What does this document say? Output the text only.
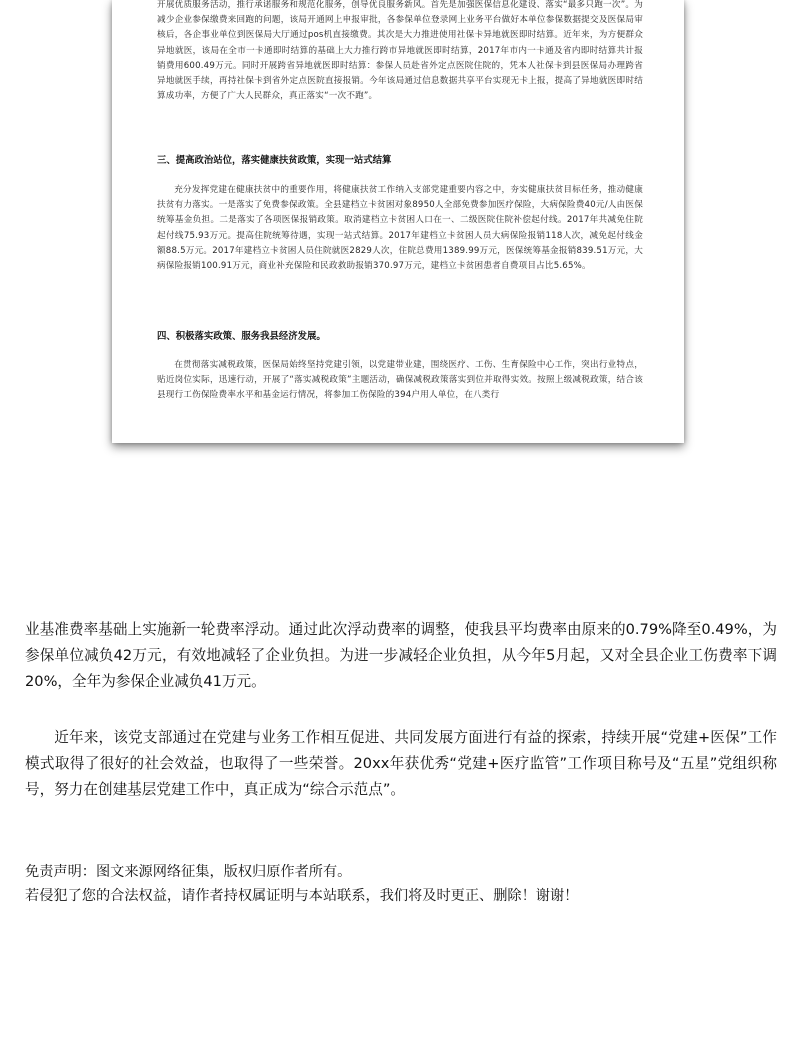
开展优质服务活动，推行承诺服务和规范化服务，创导优良服务新风。首先是加强医保信息化建设、落实“最多只跑一次”。为减少企业参保缴费来回跑的问题，该局开通网上申报审批，各参保单位登录网上业务平台做好本单位参保数据提交及医保局审核后，各企事业单位到医保局大厅通过pos机直接缴费。其次是大力推进使用社保卡异地就医即时结算。近年来，为方便群众异地就医，该局在全市一卡通即时结算的基础上大力推行跨市异地就医即时结算，2017年市内一卡通及省内即时结算共计报销费用600.49万元。同时开展跨省异地就医即时结算：参保人员赴省外定点医院住院的，凭本人社保卡到县医保局办理跨省异地就医手续，再持社保卡到省外定点医院直接报销。今年该局通过信息数据共享平台实现无卡上报，提高了异地就医即时结算成功率，方便了广大人民群众，真正落实“一次不跑”。

三、提高政治站位，落实健康扶贫政策，实现一站式结算

充分发挥党建在健康扶贫中的重要作用，将健康扶贫工作纳入支部党建重要内容之中，夯实健康扶贫目标任务，推动健康扶贫有力落实。一是落实了免费参保政策。全县建档立卡贫困对象8950人全部免费参加医疗保险，大病保险费40元/人由医保统筹基金负担。二是落实了各项医保报销政策。取消建档立卡贫困人口在一、二级医院住院补偿起付线。2017年共减免住院起付线75.93万元。提高住院统筹待遇，实现一站式结算。2017年建档立卡贫困人员大病保险报销118人次，减免起付线金额88.5万元。2017年建档立卡贫困人员住院就医2829人次，住院总费用1389.99万元，医保统筹基金报销839.51万元，大病保险报销100.91万元，商业补充保险和民政救助报销370.97万元，建档立卡贫困患者自费项目占比5.65%。

四、积极落实政策、服务我县经济发展。

在贯彻落实减税政策，医保局始终坚持党建引领，以党建带业建，围绕医疗、工伤、生育保险中心工作，突出行业特点，贴近岗位实际，迅速行动，开展了“落实减税政策”主题活动，确保减税政策落实到位并取得实效。按照上级减税政策，结合该县现行工伤保险费率水平和基金运行情况，将参加工伤保险的394户用人单位，在八类行

业基准费率基础上实施新一轮费率浮动。通过此次浮动费率的调整，使我县平均费率由原来的0.79%降至0.49%，为参保单位减负42万元，有效地减轻了企业负担。为进一步减轻企业负担，从今年5月起，又对全县企业工伤费率下调20%，全年为参保企业减负41万元。

近年来，该党支部通过在党建与业务工作相互促进、共同发展方面进行有益的探索，持续开展“党建+医保”工作模式取得了很好的社会效益，也取得了一些荣誉。20xx年获优秀“党建+医疗监管”工作项目称号及“五星”党组织称号，努力在创建基层党建工作中，真正成为“综合示范点”。

免责声明：图文来源网络征集，版权归原作者所有。
若侵犯了您的合法权益，请作者持权属证明与本站联系，我们将及时更正、删除！谢谢！
